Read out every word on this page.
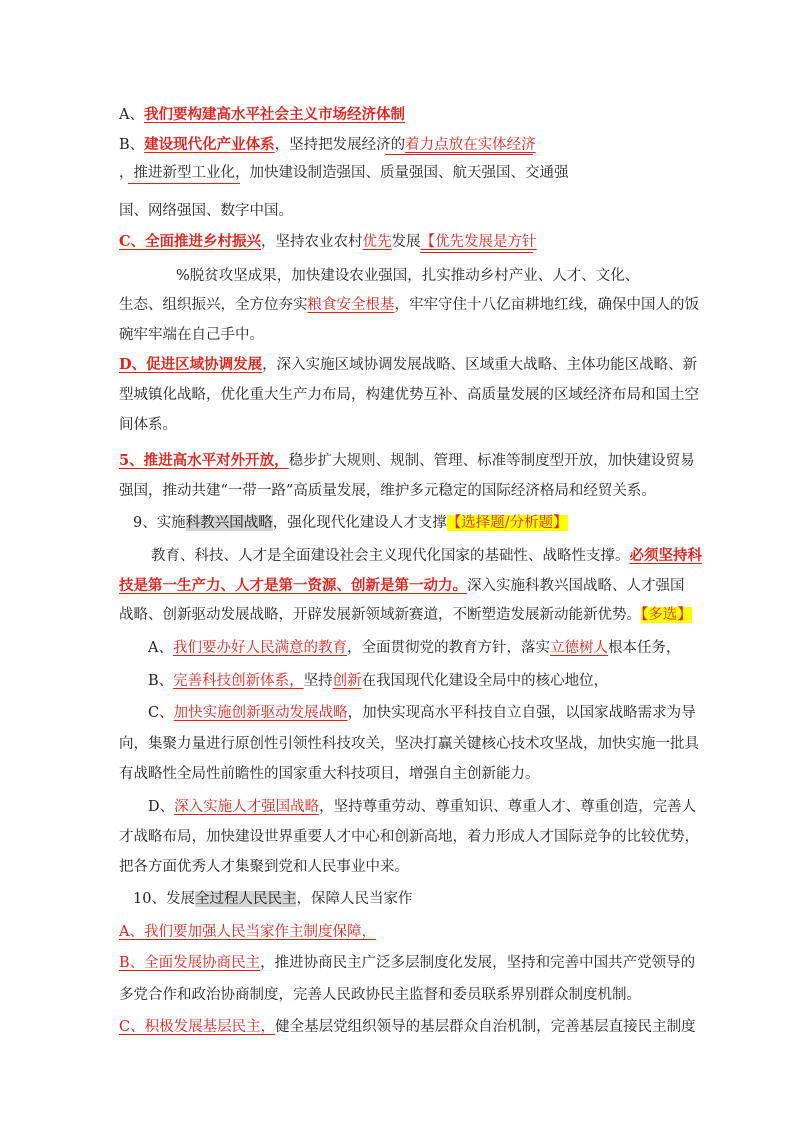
A、我们要构建高水平社会主义市场经济体制
B、建设现代化产业体系，坚持把发展经济的着力点放在实体经济
，推进新型工业化，加快建设制造强国、质量强国、航天强国、交通强
国、网络强国、数字中国。
C、全面推进乡村振兴，坚持农业农村优先发展【优先发展是方针
%脱贫攻坚成果，加快建设农业强国，扎实推动乡村产业、人才、文化、
生态、组织振兴，全方位夯实粮食安全根基，牢牢守住十八亿亩耕地红线，确保中国人的饭
碗牢牢端在自己手中。
D、促进区域协调发展，深入实施区域协调发展战略、区域重大战略、主体功能区战略、新
型城镇化战略，优化重大生产力布局，构建优势互补、高质量发展的区域经济布局和国土空
间体系。
5、推进高水平对外开放，稳步扩大规则、规制、管理、标准等制度型开放，加快建设贸易
强国，推动共建“一带一路”高质量发展，维护多元稳定的国际经济格局和经贸关系。
9、实施科教兴国战略，强化现代化建设人才支撑【选择题/分析题】
教育、科技、人才是全面建设社会主义现代化国家的基础性、战略性支撑。必须坚持科
技是第一生产力、人才是第一资源、创新是第一动力。深入实施科教兴国战略、人才强国
战略、创新驱动发展战略，开辟发展新领域新赛道，不断塑造发展新动能新优势。【多选】
A、我们要办好人民满意的教育，全面贯彻党的教育方针，落实立德树人根本任务，
B、完善科技创新体系，坚持创新在我国现代化建设全局中的核心地位，
C、加快实施创新驱动发展战略，加快实现高水平科技自立自强，以国家战略需求为导
向，集聚力量进行原创性引领性科技攻关，坚决打赢关键核心技术攻坚战，加快实施一批具
有战略性全局性前瞻性的国家重大科技项目，增强自主创新能力。
D、深入实施人才强国战略，坚持尊重劳动、尊重知识、尊重人才、尊重创造，完善人
才战略布局，加快建设世界重要人才中心和创新高地，着力形成人才国际竞争的比较优势，
把各方面优秀人才集聚到党和人民事业中来。
10、发展全过程人民民主，保障人民当家作
A、我们要加强人民当家作主制度保障，
B、全面发展协商民主，推进协商民主广泛多层制度化发展，坚持和完善中国共产党领导的
多党合作和政治协商制度，完善人民政协民主监督和委员联系界别群众制度机制。
C、积极发展基层民主，健全基层党组织领导的基层群众自治机制，完善基层直接民主制度
